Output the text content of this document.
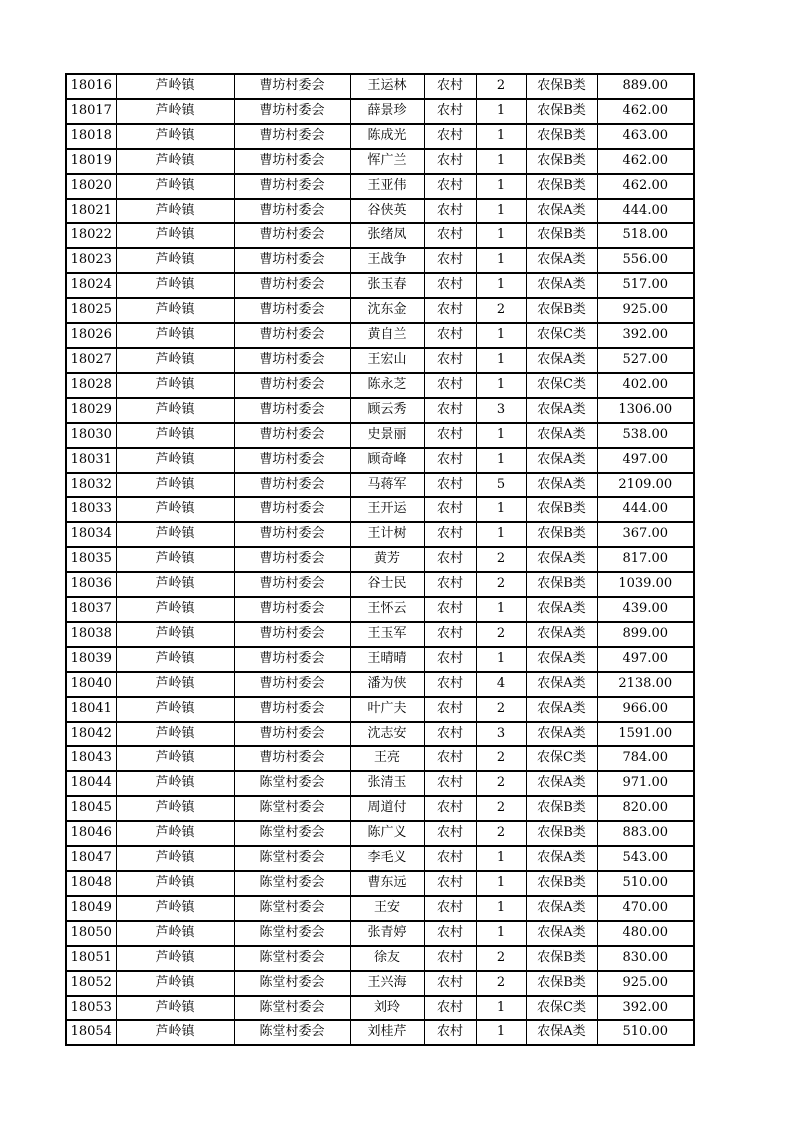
18016	芦岭镇	曹坊村委会	王运林	农村	2	农保B类	889.00
18017	芦岭镇	曹坊村委会	薛景珍	农村	1	农保B类	462.00
18018	芦岭镇	曹坊村委会	陈成光	农村	1	农保B类	463.00
18019	芦岭镇	曹坊村委会	恽广兰	农村	1	农保B类	462.00
18020	芦岭镇	曹坊村委会	王亚伟	农村	1	农保B类	462.00
18021	芦岭镇	曹坊村委会	谷侠英	农村	1	农保A类	444.00
18022	芦岭镇	曹坊村委会	张绪凤	农村	1	农保B类	518.00
18023	芦岭镇	曹坊村委会	王战争	农村	1	农保A类	556.00
18024	芦岭镇	曹坊村委会	张玉春	农村	1	农保A类	517.00
18025	芦岭镇	曹坊村委会	沈东金	农村	2	农保B类	925.00
18026	芦岭镇	曹坊村委会	黄自兰	农村	1	农保C类	392.00
18027	芦岭镇	曹坊村委会	王宏山	农村	1	农保A类	527.00
18028	芦岭镇	曹坊村委会	陈永芝	农村	1	农保C类	402.00
18029	芦岭镇	曹坊村委会	顾云秀	农村	3	农保A类	1306.00
18030	芦岭镇	曹坊村委会	史景丽	农村	1	农保A类	538.00
18031	芦岭镇	曹坊村委会	顾奇峰	农村	1	农保A类	497.00
18032	芦岭镇	曹坊村委会	马蒋军	农村	5	农保A类	2109.00
18033	芦岭镇	曹坊村委会	王开运	农村	1	农保B类	444.00
18034	芦岭镇	曹坊村委会	王计树	农村	1	农保B类	367.00
18035	芦岭镇	曹坊村委会	黄芳	农村	2	农保A类	817.00
18036	芦岭镇	曹坊村委会	谷士民	农村	2	农保B类	1039.00
18037	芦岭镇	曹坊村委会	王怀云	农村	1	农保A类	439.00
18038	芦岭镇	曹坊村委会	王玉军	农村	2	农保A类	899.00
18039	芦岭镇	曹坊村委会	王晴晴	农村	1	农保A类	497.00
18040	芦岭镇	曹坊村委会	潘为侠	农村	4	农保A类	2138.00
18041	芦岭镇	曹坊村委会	叶广夫	农村	2	农保A类	966.00
18042	芦岭镇	曹坊村委会	沈志安	农村	3	农保A类	1591.00
18043	芦岭镇	曹坊村委会	王亮	农村	2	农保C类	784.00
18044	芦岭镇	陈堂村委会	张清玉	农村	2	农保A类	971.00
18045	芦岭镇	陈堂村委会	周道付	农村	2	农保B类	820.00
18046	芦岭镇	陈堂村委会	陈广义	农村	2	农保B类	883.00
18047	芦岭镇	陈堂村委会	李毛义	农村	1	农保A类	543.00
18048	芦岭镇	陈堂村委会	曹东远	农村	1	农保B类	510.00
18049	芦岭镇	陈堂村委会	王安	农村	1	农保A类	470.00
18050	芦岭镇	陈堂村委会	张青婷	农村	1	农保A类	480.00
18051	芦岭镇	陈堂村委会	徐友	农村	2	农保B类	830.00
18052	芦岭镇	陈堂村委会	王兴海	农村	2	农保B类	925.00
18053	芦岭镇	陈堂村委会	刘玲	农村	1	农保C类	392.00
18054	芦岭镇	陈堂村委会	刘桂芹	农村	1	农保A类	510.00
